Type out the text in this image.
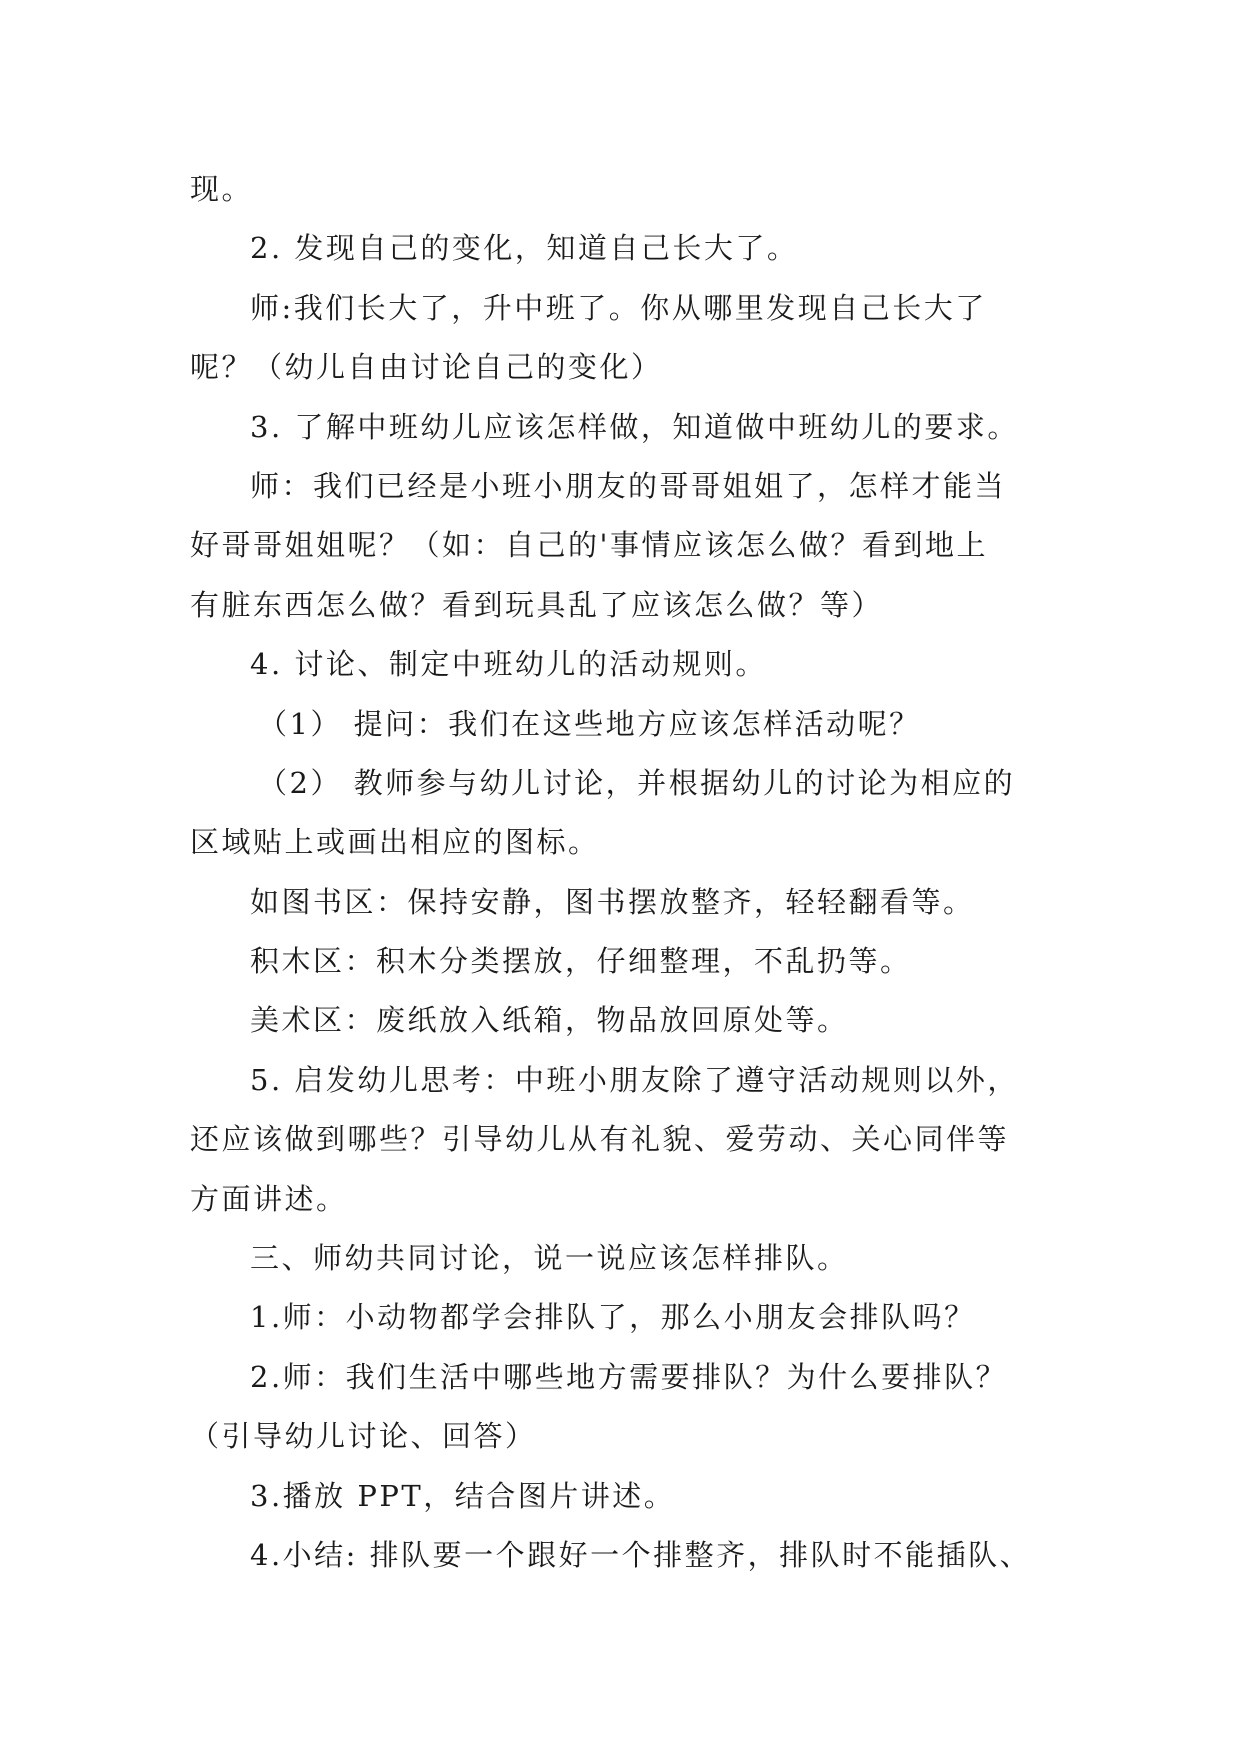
现。
2. 发现自己的变化，知道自己长大了。
师:我们长大了，升中班了。你从哪里发现自己长大了
呢？（幼儿自由讨论自己的变化）
3. 了解中班幼儿应该怎样做，知道做中班幼儿的要求。
师：我们已经是小班小朋友的哥哥姐姐了，怎样才能当
好哥哥姐姐呢？（如：自己的'事情应该怎么做？看到地上
有脏东西怎么做？看到玩具乱了应该怎么做？等）
4. 讨论、制定中班幼儿的活动规则。
（1） 提问：我们在这些地方应该怎样活动呢？
（2） 教师参与幼儿讨论，并根据幼儿的讨论为相应的
区域贴上或画出相应的图标。
如图书区：保持安静，图书摆放整齐，轻轻翻看等。
积木区：积木分类摆放，仔细整理，不乱扔等。
美术区：废纸放入纸箱，物品放回原处等。
5. 启发幼儿思考：中班小朋友除了遵守活动规则以外，
还应该做到哪些？引导幼儿从有礼貌、爱劳动、关心同伴等
方面讲述。
三、师幼共同讨论，说一说应该怎样排队。
1.师：小动物都学会排队了，那么小朋友会排队吗？
2.师：我们生活中哪些地方需要排队？为什么要排队？
（引导幼儿讨论、回答）
3.播放 PPT，结合图片讲述。
4.小结: 排队要一个跟好一个排整齐，排队时不能插队、
